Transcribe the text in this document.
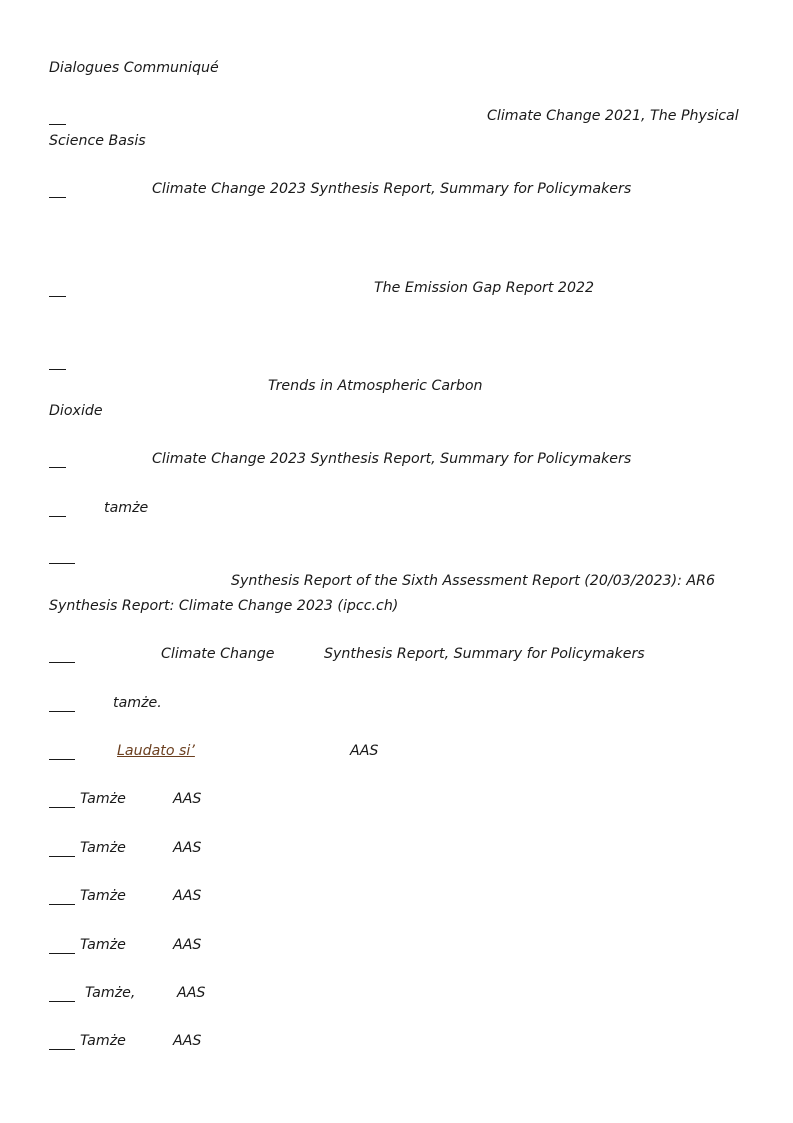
Dialogues Communiqué
Climate Change 2021, The Physical
Science Basis
Climate Change 2023 Synthesis Report, Summary for Policymakers
The Emission Gap Report 2022
Trends in Atmospheric Carbon
Dioxide
Climate Change 2023 Synthesis Report, Summary for Policymakers
tamże
Synthesis Report of the Sixth Assessment Report (20/03/2023): AR6
Synthesis Report: Climate Change 2023 (ipcc.ch)
Climate Change	Synthesis Report, Summary for Policymakers
tamże.
Laudato si’	AAS
Tamże	AAS
Tamże	AAS
Tamże	AAS
Tamże	AAS
Tamże,	AAS
Tamże	AAS
